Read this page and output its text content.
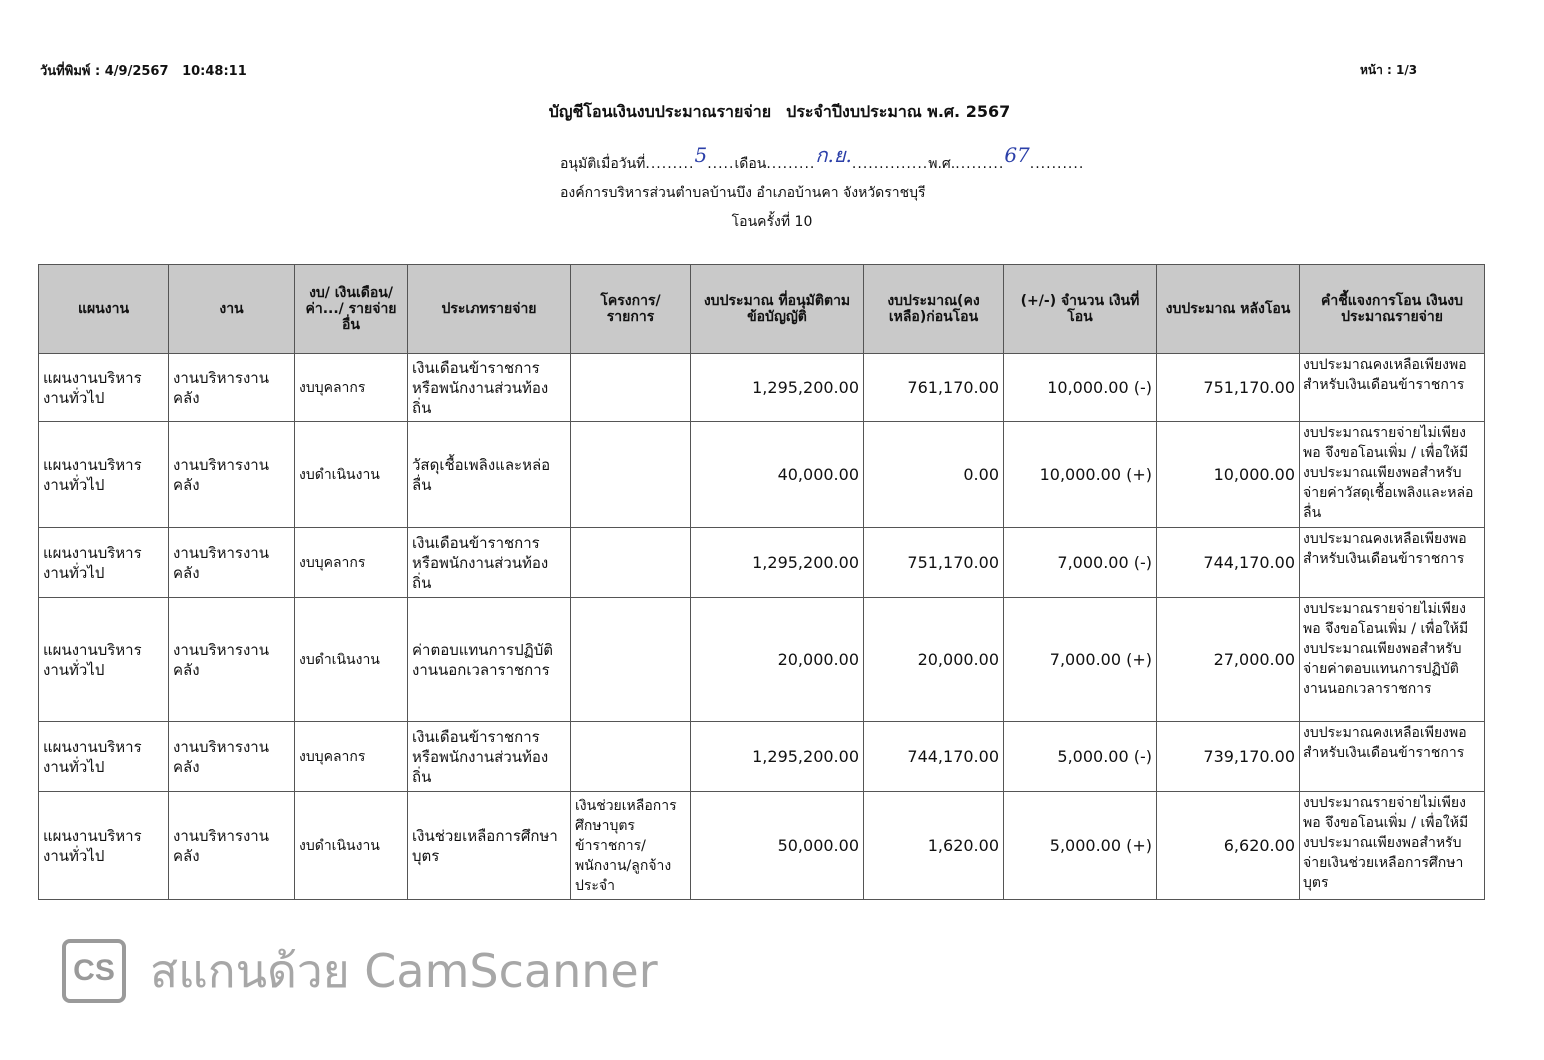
วันที่พิมพ์ : 4/9/2567 10:48:11	หน้า : 1/3
บัญชีโอนเงินงบประมาณรายจ่าย ประจำปีงบประมาณ พ.ศ. 2567
อนุมัติเมื่อวันที่.........5.....เดือน.........ก.ย...............พ.ศ..........67..........
องค์การบริหารส่วนตำบลบ้านบึง อำเภอบ้านคา จังหวัดราชบุรี
โอนครั้งที่ 10
แผนงาน	งาน	งบ/ เงินเดือน/ ค่า.../ รายจ่ายอื่น	ประเภทรายจ่าย	โครงการ/ รายการ	งบประมาณ ที่อนุมัติตาม ข้อบัญญัติ	งบประมาณ(คง เหลือ)ก่อนโอน	(+/-) จำนวน เงินที่โอน	งบประมาณ หลังโอน	คำชี้แจงการโอน เงินงบประมาณรายจ่าย
แผนงานบริหารงานทั่วไป	งานบริหารงานคลัง	งบบุคลากร	เงินเดือนข้าราชการหรือพนักงานส่วนท้องถิ่น		1,295,200.00	761,170.00	10,000.00 (-)	751,170.00	งบประมาณคงเหลือเพียงพอสำหรับเงินเดือนข้าราชการ
แผนงานบริหารงานทั่วไป	งานบริหารงานคลัง	งบดำเนินงาน	วัสดุเชื้อเพลิงและหล่อลื่น		40,000.00	0.00	10,000.00 (+)	10,000.00	งบประมาณรายจ่ายไม่เพียงพอ จึงขอโอนเพิ่ม / เพื่อให้มีงบประมาณเพียงพอสำหรับจ่ายค่าวัสดุเชื้อเพลิงและหล่อลื่น
แผนงานบริหารงานทั่วไป	งานบริหารงานคลัง	งบบุคลากร	เงินเดือนข้าราชการหรือพนักงานส่วนท้องถิ่น		1,295,200.00	751,170.00	7,000.00 (-)	744,170.00	งบประมาณคงเหลือเพียงพอสำหรับเงินเดือนข้าราชการ
แผนงานบริหารงานทั่วไป	งานบริหารงานคลัง	งบดำเนินงาน	ค่าตอบแทนการปฏิบัติงานนอกเวลาราชการ		20,000.00	20,000.00	7,000.00 (+)	27,000.00	งบประมาณรายจ่ายไม่เพียงพอ จึงขอโอนเพิ่ม / เพื่อให้มีงบประมาณเพียงพอสำหรับจ่ายค่าตอบแทนการปฏิบัติงานนอกเวลาราชการ
แผนงานบริหารงานทั่วไป	งานบริหารงานคลัง	งบบุคลากร	เงินเดือนข้าราชการหรือพนักงานส่วนท้องถิ่น		1,295,200.00	744,170.00	5,000.00 (-)	739,170.00	งบประมาณคงเหลือเพียงพอสำหรับเงินเดือนข้าราชการ
แผนงานบริหารงานทั่วไป	งานบริหารงานคลัง	งบดำเนินงาน	เงินช่วยเหลือการศึกษาบุตร	เงินช่วยเหลือการศึกษาบุตรข้าราชการ/พนักงาน/ลูกจ้างประจำ	50,000.00	1,620.00	5,000.00 (+)	6,620.00	งบประมาณรายจ่ายไม่เพียงพอ จึงขอโอนเพิ่ม / เพื่อให้มีงบประมาณเพียงพอสำหรับจ่ายเงินช่วยเหลือการศึกษาบุตร
CS สแกนด้วย CamScanner
